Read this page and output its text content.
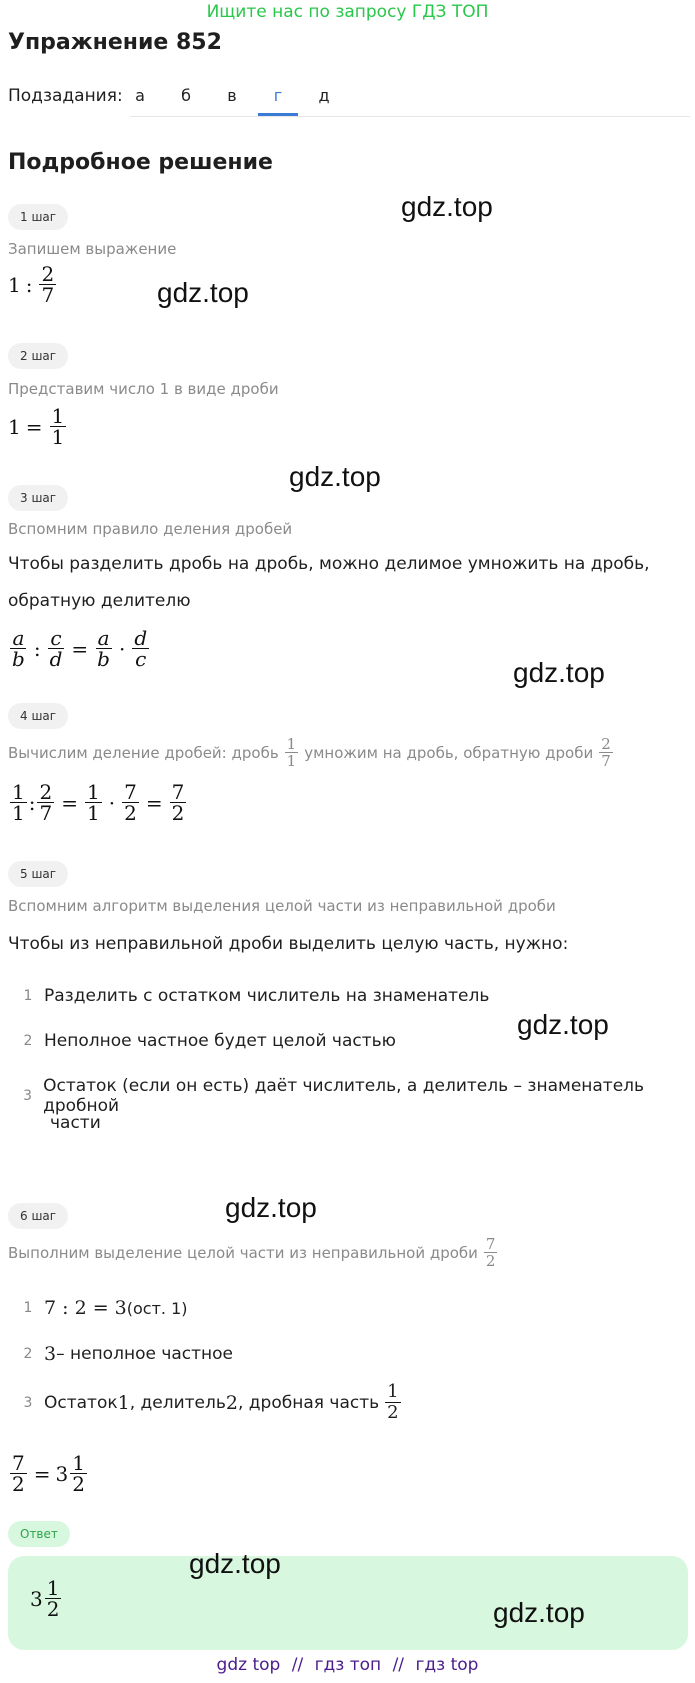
Ищите нас по запросу ГДЗ ТОП
Упражнение 852
Подзадания: а	б	в	г	д
Подробное решение
1 шаг	gdz.top
Запишем выражение
1 : $\frac{2}{7}$	gdz.top
2 шаг
Представим число 1 в виде дроби
$1 = \frac{1}{1}$
gdz.top
3 шаг
Вспомним правило деления дробей
Чтобы разделить дробь на дробь, можно делимое умножить на дробь,
обратную делителю
$\frac{a}{b}$ : $\frac{c}{d} = \frac{a}{b} \cdot \frac{d}{c}$
gdz.top
4 шаг
Вычислим деление дробей: дробь $\frac{1}{1}$ умножим на дробь, обратную дроби $\frac{2}{7}$
$\frac{1}{1}$ : $\frac{2}{7} = \frac{1}{1} \cdot \frac{7}{2} = \frac{7}{2}$
5 шаг
Вспомним алгоритм выделения целой части из неправильной дроби
Чтобы из неправильной дроби выделить целую часть, нужно:
1 Разделить с остатком числитель на знаменатель
gdz.top
2 Неполное частное будет целой частью
3 Остаток (если он есть) даёт числитель, а делитель – знаменатель дробной
части
gdz.top
6 шаг
Выполним выделение целой части из неправильной дроби $\frac{7}{2}$
1 7 : 2 = 3 (ост. 1)
2 3 – неполное частное
3 Остаток 1 , делитель 2 , дробная часть $\frac{1}{2}$
$\frac{7}{2} = 3 \frac{1}{2}$
Ответ
gdz.top
$3 \frac{1}{2}$	gdz.top
gdz top // гдз топ // гдз top
